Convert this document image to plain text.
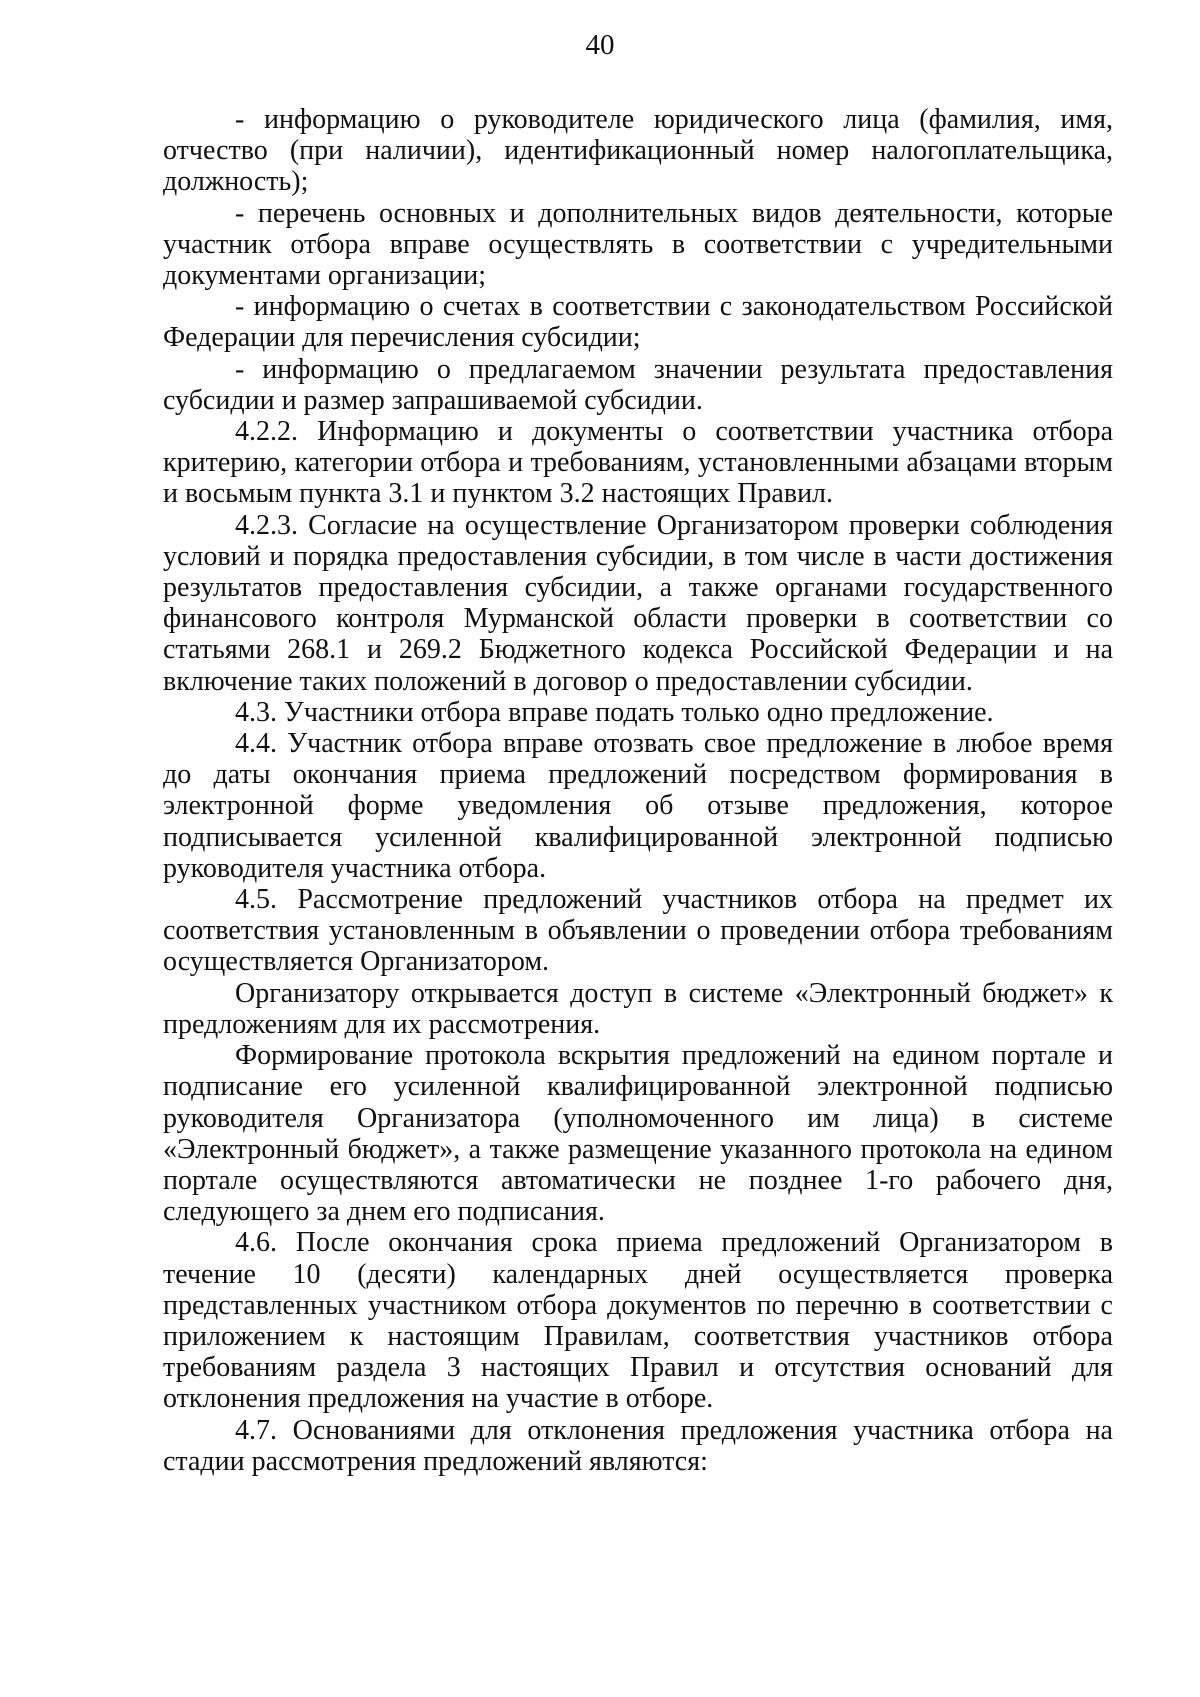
40

- информацию о руководителе юридического лица (фамилия, имя, отчество (при наличии), идентификационный номер налогоплательщика, должность);

- перечень основных и дополнительных видов деятельности, которые участник отбора вправе осуществлять в соответствии с учредительными документами организации;

- информацию о счетах в соответствии с законодательством Российской Федерации для перечисления субсидии;

- информацию о предлагаемом значении результата предоставления субсидии и размер запрашиваемой субсидии.

4.2.2. Информацию и документы о соответствии участника отбора критерию, категории отбора и требованиям, установленными абзацами вторым и восьмым пункта 3.1 и пунктом 3.2 настоящих Правил.

4.2.3. Согласие на осуществление Организатором проверки соблюдения условий и порядка предоставления субсидии, в том числе в части достижения результатов предоставления субсидии, а также органами государственного финансового контроля Мурманской области проверки в соответствии со статьями 268.1 и 269.2 Бюджетного кодекса Российской Федерации и на включение таких положений в договор о предоставлении субсидии.

4.3. Участники отбора вправе подать только одно предложение.

4.4. Участник отбора вправе отозвать свое предложение в любое время до даты окончания приема предложений посредством формирования в электронной форме уведомления об отзыве предложения, которое подписывается усиленной квалифицированной электронной подписью руководителя участника отбора.

4.5. Рассмотрение предложений участников отбора на предмет их соответствия установленным в объявлении о проведении отбора требованиям осуществляется Организатором.

Организатору открывается доступ в системе «Электронный бюджет» к предложениям для их рассмотрения.

Формирование протокола вскрытия предложений на едином портале и подписание его усиленной квалифицированной электронной подписью руководителя Организатора (уполномоченного им лица) в системе «Электронный бюджет», а также размещение указанного протокола на едином портале осуществляются автоматически не позднее 1-го рабочего дня, следующего за днем его подписания.

4.6. После окончания срока приема предложений Организатором в течение 10 (десяти) календарных дней осуществляется проверка представленных участником отбора документов по перечню в соответствии с приложением к настоящим Правилам, соответствия участников отбора требованиям раздела 3 настоящих Правил и отсутствия оснований для отклонения предложения на участие в отборе.

4.7. Основаниями для отклонения предложения участника отбора на стадии рассмотрения предложений являются:
